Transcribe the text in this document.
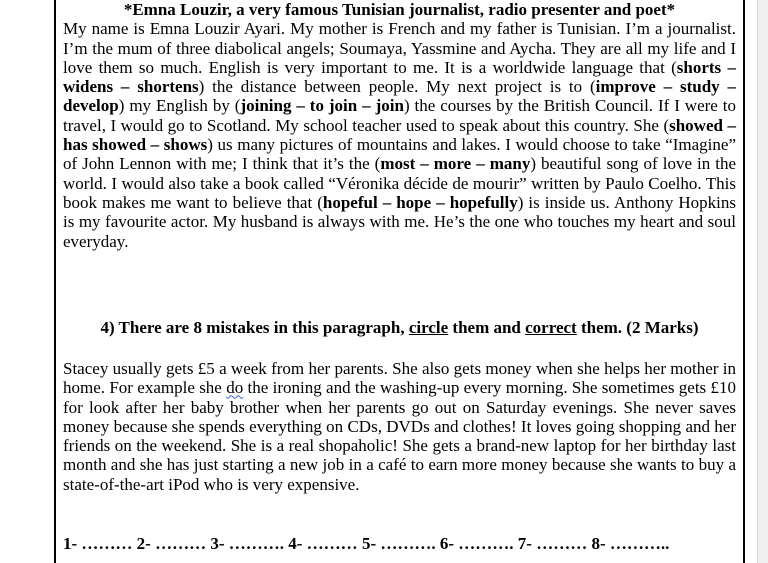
*Emna Louzir, a very famous Tunisian journalist, radio presenter and poet*

My name is Emna Louzir Ayari. My mother is French and my father is Tunisian. I’m a journalist. I’m the mum of three diabolical angels; Soumaya, Yassmine and Aycha. They are all my life and I love them so much. English is very important to me. It is a worldwide language that (shorts – widens – shortens) the distance between people. My next project is to (improve – study – develop) my English by (joining – to join – join) the courses by the British Council. If I were to travel, I would go to Scotland. My school teacher used to speak about this country. She (showed – has showed – shows) us many pictures of mountains and lakes. I would choose to take “Imagine” of John Lennon with me; I think that it’s the (most – more – many) beautiful song of love in the world. I would also take a book called “Véronika décide de mourir” written by Paulo Coelho. This book makes me want to believe that (hopeful – hope – hopefully) is inside us. Anthony Hopkins is my favourite actor. My husband is always with me. He’s the one who touches my heart and soul everyday.

4) There are 8 mistakes in this paragraph, circle them and correct them. (2 Marks)

Stacey usually gets £5 a week from her parents. She also gets money when she helps her mother in home. For example she do the ironing and the washing-up every morning. She sometimes gets £10 for look after her baby brother when her parents go out on Saturday evenings. She never saves money because she spends everything on CDs, DVDs and clothes! It loves going shopping and her friends on the weekend. She is a real shopaholic! She gets a brand-new laptop for her birthday last month and she has just starting a new job in a café to earn more money because she wants to buy a state-of-the-art iPod who is very expensive.

1- ……… 2- ……… 3- ………. 4- ……… 5- ………. 6- ………. 7- ……… 8- ………..
